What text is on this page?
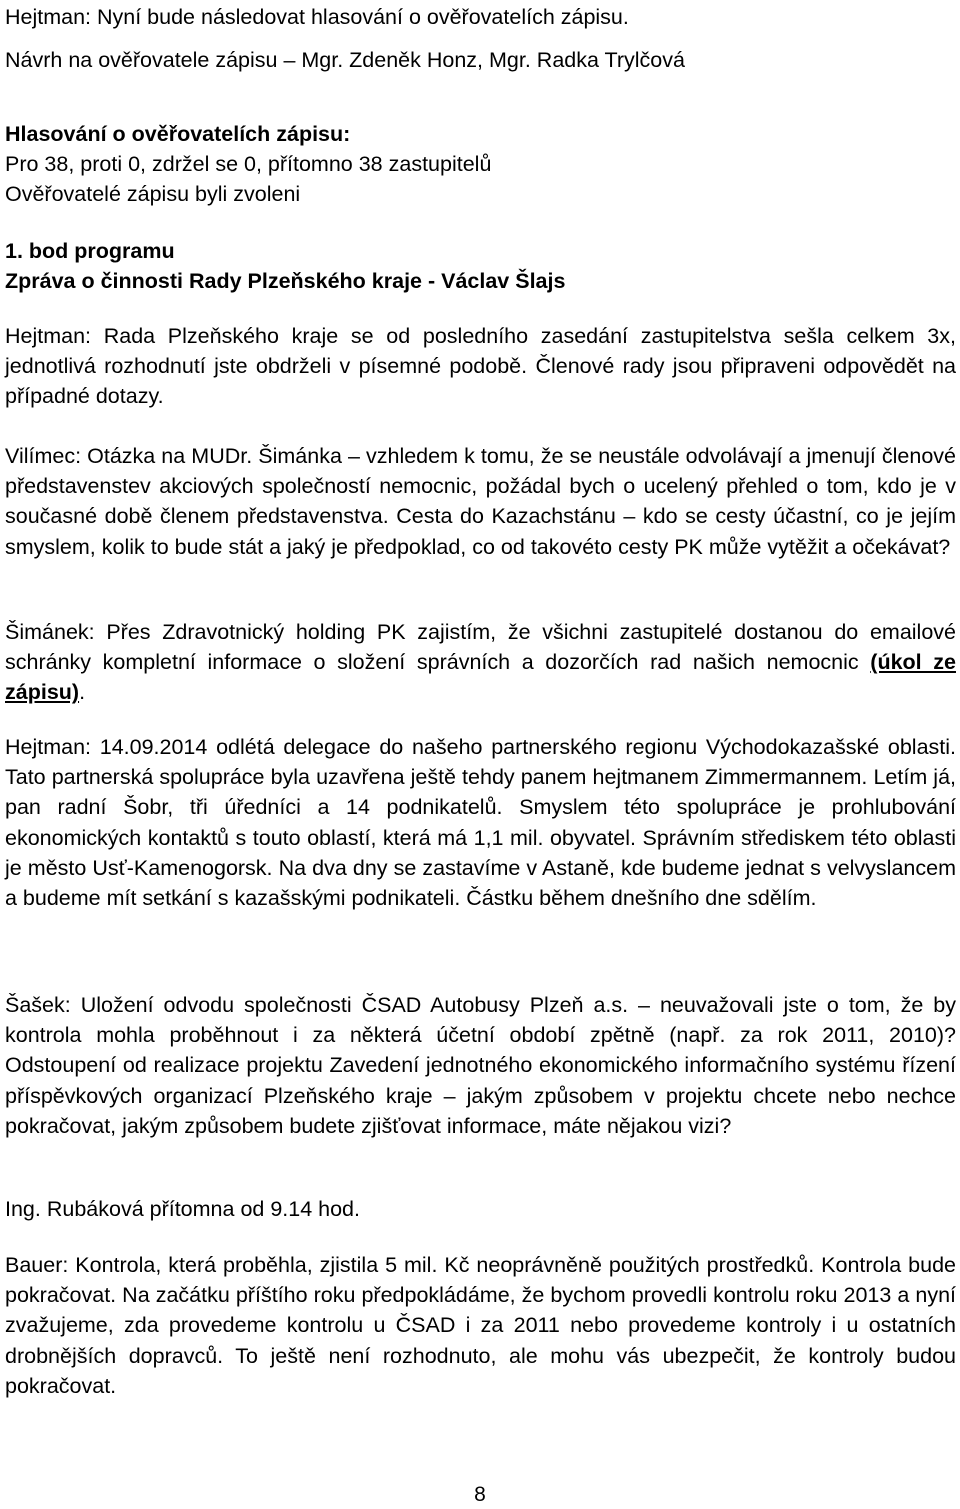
Hejtman: Nyní bude následovat hlasování o ověřovatelích zápisu.

Návrh na ověřovatele zápisu – Mgr. Zdeněk Honz, Mgr. Radka Trylčová

Hlasování o ověřovatelích zápisu:

Pro 38, proti 0, zdržel se 0, přítomno 38 zastupitelů

Ověřovatelé zápisu byli zvoleni

1. bod programu

Zpráva o činnosti Rady Plzeňského kraje - Václav Šlajs

Hejtman: Rada Plzeňského kraje se od posledního zasedání zastupitelstva sešla celkem 3x, jednotlivá rozhodnutí jste obdrželi v písemné podobě. Členové rady jsou připraveni odpovědět na případné dotazy.

Vilímec: Otázka na MUDr. Šimánka – vzhledem k tomu, že se neustále odvolávají a jmenují členové představenstev akciových společností nemocnic, požádal bych o ucelený přehled o tom, kdo je v současné době členem představenstva. Cesta do Kazachstánu – kdo se cesty účastní, co je jejím smyslem, kolik to bude stát a jaký je předpoklad, co od takovéto cesty PK může vytěžit a očekávat?

Šimánek: Přes Zdravotnický holding PK zajistím, že všichni zastupitelé dostanou do emailové schránky kompletní informace o složení správních a dozorčích rad našich nemocnic (úkol ze zápisu).

Hejtman: 14.09.2014 odlétá delegace do našeho partnerského regionu Východokazašské oblasti. Tato partnerská spolupráce byla uzavřena ještě tehdy panem hejtmanem Zimmermannem. Letím já, pan radní Šobr, tři úředníci a 14 podnikatelů. Smyslem této spolupráce je prohlubování ekonomických kontaktů s touto oblastí, která má 1,1 mil. obyvatel. Správním střediskem této oblasti je město Usť-Kamenogorsk. Na dva dny se zastavíme v Astaně, kde budeme jednat s velvyslancem a budeme mít setkání s kazašskými podnikateli. Částku během dnešního dne sdělím.

Šašek: Uložení odvodu společnosti ČSAD Autobusy Plzeň a.s. – neuvažovali jste o tom, že by kontrola mohla proběhnout i za některá účetní období zpětně (např. za rok 2011, 2010)? Odstoupení od realizace projektu Zavedení jednotného ekonomického informačního systému řízení příspěvkových organizací Plzeňského kraje – jakým způsobem v projektu chcete nebo nechce pokračovat, jakým způsobem budete zjišťovat informace, máte nějakou vizi?

Ing. Rubáková přítomna od 9.14 hod.

Bauer: Kontrola, která proběhla, zjistila 5 mil. Kč neoprávněně použitých prostředků. Kontrola bude pokračovat. Na začátku příštího roku předpokládáme, že bychom provedli kontrolu roku 2013 a nyní zvažujeme, zda provedeme kontrolu u ČSAD i za 2011 nebo provedeme kontroly i u ostatních drobnějších dopravců. To ještě není rozhodnuto, ale mohu vás ubezpečit, že kontroly budou pokračovat.

8
